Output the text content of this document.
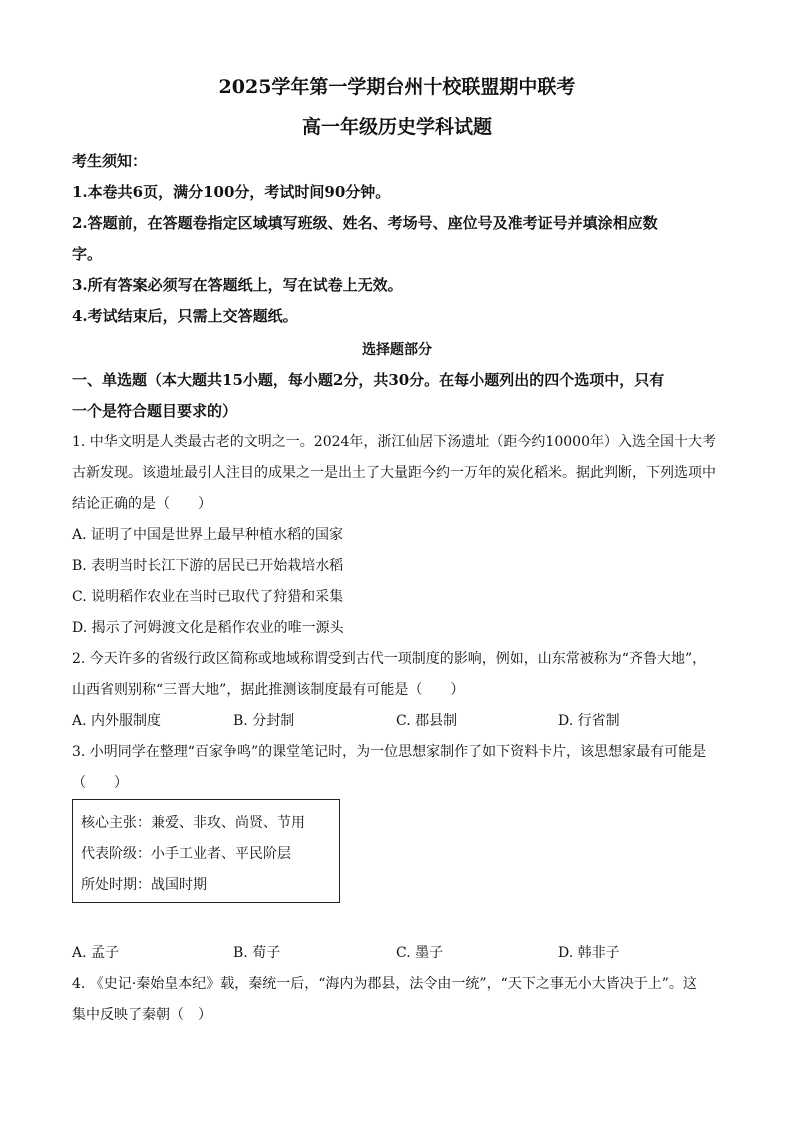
2025学年第一学期台州十校联盟期中联考
高一年级历史学科试题
考生须知：
1.本卷共6页，满分100分，考试时间90分钟。
2.答题前，在答题卷指定区域填写班级、姓名、考场号、座位号及准考证号并填涂相应数
字。
3.所有答案必须写在答题纸上，写在试卷上无效。
4.考试结束后，只需上交答题纸。
选择题部分
一、单选题（本大题共15小题，每小题2分，共30分。在每小题列出的四个选项中，只有
一个是符合题目要求的）
1. 中华文明是人类最古老的文明之一。2024年，浙江仙居下汤遗址（距今约10000年）入选全国十大考
古新发现。该遗址最引人注目的成果之一是出土了大量距今约一万年的炭化稻米。据此判断，下列选项中
结论正确的是（　　）
A. 证明了中国是世界上最早种植水稻的国家
B. 表明当时长江下游的居民已开始栽培水稻
C. 说明稻作农业在当时已取代了狩猎和采集
D. 揭示了河姆渡文化是稻作农业的唯一源头
2. 今天许多的省级行政区简称或地域称谓受到古代一项制度的影响，例如，山东常被称为“齐鲁大地”，
山西省则别称“三晋大地”，据此推测该制度最有可能是（　　）
A. 内外服制度	B. 分封制	C. 郡县制	D. 行省制
3. 小明同学在整理“百家争鸣”的课堂笔记时，为一位思想家制作了如下资料卡片，该思想家最有可能是
（　　）
核心主张：兼爱、非攻、尚贤、节用
代表阶级：小手工业者、平民阶层
所处时期：战国时期
A. 孟子	B. 荀子	C. 墨子	D. 韩非子
4. 《史记·秦始皇本纪》载，秦统一后，“海内为郡县，法令由一统”，“天下之事无小大皆决于上”。这
集中反映了秦朝（　）
